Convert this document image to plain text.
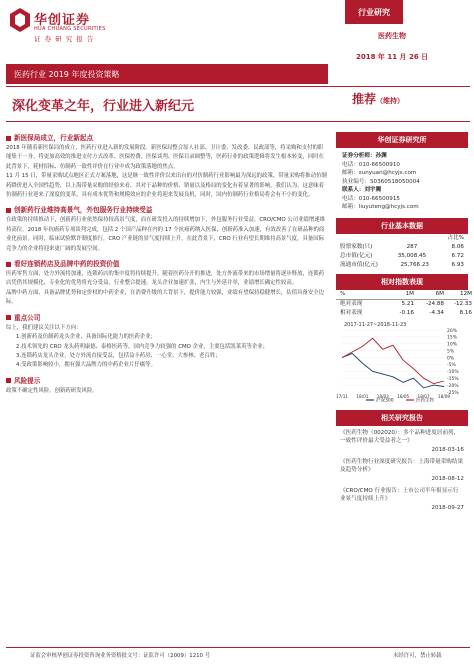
华创证券
HUA CHUANG SECURITIES
证 券 研 究 报 告
行业研究
医药生物
2018 年 11 月 26 日
医药行业 2019 年度投资策略
深化变革之年，行业进入新纪元	推荐（维持）
新医保局成立，行业新起点
2018 年随着新医保局的成立，医药行业进入新的发展阶段。新医保局整合原人社部、卫计委、发改委、民政部等，将采购和支付的职能集于一身，将更加高效的推进支付方式改革、医保控费、医保谈判、医保目录调整等，医药行业的政策逻辑将发生根本转变，同时在此背景下，耗材招标、仿制药一致性评价在行业中成为政策落地的焦点。
11 月 15 日，带量采购试点地区正式方案落地，这是继一致性评价以来出台的对仿制药行业影响最为深远的政策，带量采购将推动仿制药降价进入全国性趋势，以上海带量采购的经验来看，其对于品种的价格、销量以及格局的变化有着显著的影响。我们认为，这意味着仿制药行业迎来了深度的变革，具有成本优势和规模效应的企业将迎来发展良机，同时，国内仿制药行业格局将会有不小的变化。
创新药行业维持高景气，外包服务行业持续受益
在政策的持续推动下，创新药行业依然保持较高景气度，而在研发投入的持续增加下，外包服务行业受益，CRO/CMO 公司业绩增速维持高位。2018 年抗癌药专项谈判完成，包括 2 个国产品种在内的 17 个抗癌药纳入医保，创新药准入加速，有效改善了在研品种的商业化前景。同时，临床试验默许制度推行，CRO 产业链的景气度持续上升，在此背景下，CRO 行业有望长期维持高景气度，具备国际竞争力的企业将迎来更广阔的发展空间。
看好连锁药店及品牌中药的投资价值
医药零售方面，处方外流将加速，连锁药店的集中度将持续提升。随着医药分开的推进，处方外流带来的市场增量将逐步释放，连锁药店凭借其规模化、专业化的优势将充分受益，行业整合提速，龙头企业加速扩张，内生与外延并举，业绩增长确定性较高。
品牌中药方面，具备品牌优势和定价权的中药企业，在消费升级的大背景下，提价能力较强，业绩有望保持稳健增长，估值具备安全边际。
重点公司
综上，我们建议关注以下方向：
1.创新药及仿制药龙头企业，具备国际化能力的医药企业；
2.技术领先的 CRO 龙头药明康德、泰格医药等，国内竞争力较强的 CMO 企业，主要包括凯莱英等企业；
3.连锁药店龙头企业，处方外流直接受益，包括益丰药房、一心堂、大参林、老百姓；
4.受政策影响较小，拥有强大品牌力的中药企业片仔癀等。
风险提示
政策不确定性风险，创新药研发风险。
华创证券研究所
证券分析师：孙渊
电话：010-66500910
邮箱：sunyuan@hcyjs.com
执业编号：S0360518050004
联系人：刘宇腾
电话：010-66500915
邮箱：liuyuteng@hcyjs.com
行业基本数据
占比%
股票家数(只)	287	8.06
总市值(亿元)	35,008.45	6.72
流通市值(亿元)	25,766.23	6.93
相对指数表现
%	1M	6M	12M
绝对表现	5.21	-24.88	-12.33
相对表现	-0.16	-4.34	8.16
2017-11-27~2018-11-23
20%
15%
10%
5%
0%
-5%
-10%
-15%
-20%
-25%
17/11 18/01 18/03 18/05 18/07 18/09
沪深300	医药生物
相关研究报告
《医药生物（002020）：多个品种进度居前列，一致性评价最大受益者之一》
2018-03-16
《医药生物行业深度研究报告：上海带量采购结果及趋势分析》
2018-08-12
《CRO/CMO 行业报告：上市公司半年报显示行业景气度持续上升》
2018-09-27
证监会审核华创证券投资咨询业务资格批文号：证监许可（2009）1210 号	未经许可，禁止转载
